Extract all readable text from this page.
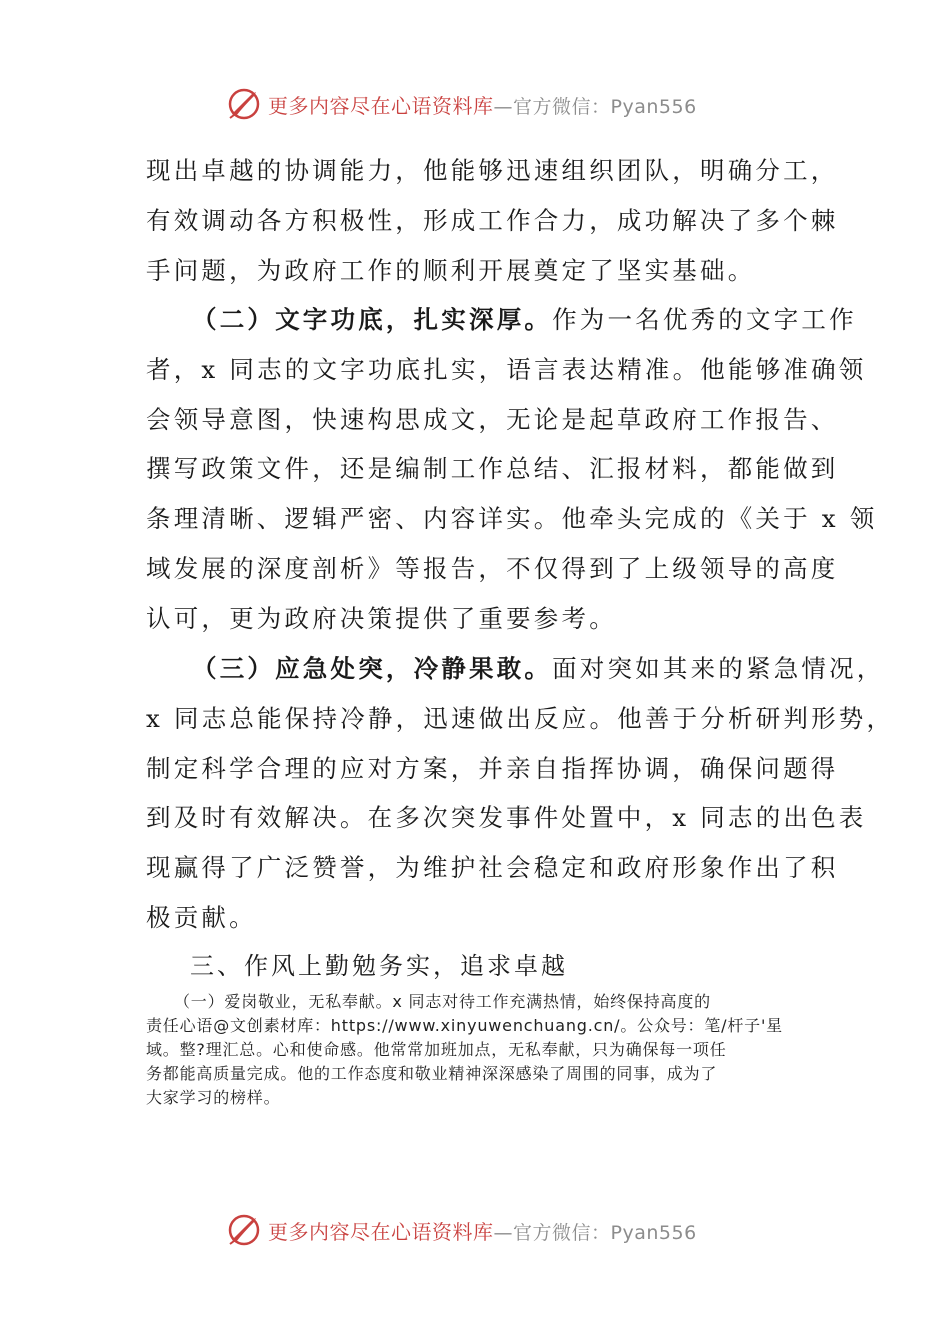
更多内容尽在心语资料库—官方微信：Pyan556
现出卓越的协调能力，他能够迅速组织团队，明确分工，
有效调动各方积极性，形成工作合力，成功解决了多个棘
手问题，为政府工作的顺利开展奠定了坚实基础。
（二）文字功底，扎实深厚。作为一名优秀的文字工作
者，x 同志的文字功底扎实，语言表达精准。他能够准确领
会领导意图，快速构思成文，无论是起草政府工作报告、
撰写政策文件，还是编制工作总结、汇报材料，都能做到
条理清晰、逻辑严密、内容详实。他牵头完成的《关于 x 领
域发展的深度剖析》等报告，不仅得到了上级领导的高度
认可，更为政府决策提供了重要参考。
（三）应急处突，冷静果敢。面对突如其来的紧急情况，
x 同志总能保持冷静，迅速做出反应。他善于分析研判形势，
制定科学合理的应对方案，并亲自指挥协调，确保问题得
到及时有效解决。在多次突发事件处置中，x 同志的出色表
现赢得了广泛赞誉，为维护社会稳定和政府形象作出了积
极贡献。
三、作风上勤勉务实，追求卓越
（一）爱岗敬业，无私奉献。x 同志对待工作充满热情，始终保持高度的
责任心语@文创素材库：https://www.xinyuwenchuang.cn/。公众号：笔/杆子'星
域。整?理汇总。心和使命感。他常常加班加点，无私奉献，只为确保每一项任
务都能高质量完成。他的工作态度和敬业精神深深感染了周围的同事，成为了
大家学习的榜样。
更多内容尽在心语资料库—官方微信：Pyan556
